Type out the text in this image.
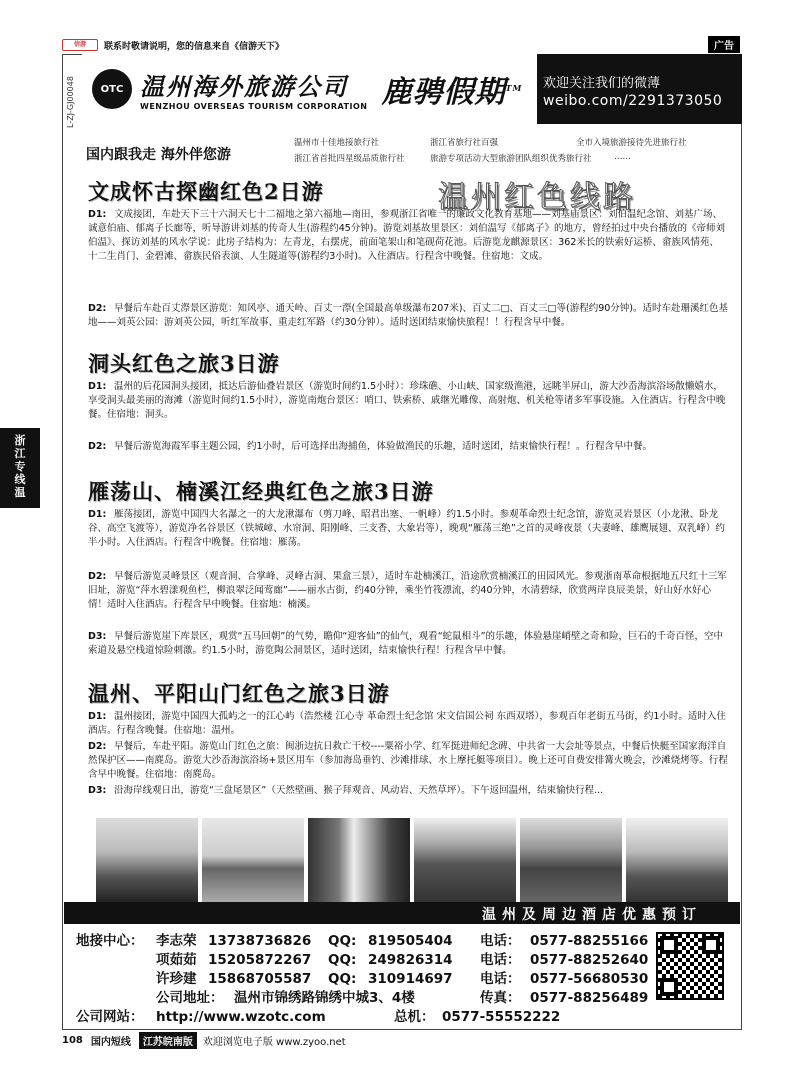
信游	联系时敬请说明，您的信息来自《信游天下》	广告
L-ZJ-GJ00048	OTC 温州海外旅游公司
WENZHOU OVERSEAS TOURISM CORPORATION 鹿骋假期™ 欢迎关注我们的微薄
weibo.com/2291373050
国内跟我走 海外伴您游
温州市十佳地接旅行社	浙江省旅行社百强	全市入境旅游接待先进旅行社
浙江省首批四星级品质旅行社	旅游专项活动大型旅游团队组织优秀旅行社	……
温州红色线路
文成怀古探幽红色2日游
D1: 文成接团，车赴天下三十六洞天七十二福地之第六福地—南田，参观浙江省唯一的廉政文化教育基地——刘基庙景区：刘伯温纪念馆、刘基广场、诚意伯庙、郁离子长廊等，听导游讲刘基的传奇人生(游程约45分钟)。游览刘基故里景区：刘伯温写《郁离子》的地方，曾经拍过中央台播放的《帝师刘伯温》、探访刘基的风水学说：此房子结构为：左青龙，右摆虎，前面笔架山和笔砚荷花池。后游览龙麒源景区：362米长的铁索好运桥、畲族风情苑、十二生肖门、金碧滩、畲族民俗表演、人生隧道等(游程约3小时)。入住酒店。行程含中晚餐。住宿地：文成。
D2: 早餐后车赴百丈漈景区游览：知风亭、通天岭、百丈一漈(全国最高单级瀑布207米)、百丈二□、百丈三□等(游程约90分钟)。适时车赴珊溪红色基地——刘英公园：游刘英公园，听红军故事、重走红军路（约30分钟）。适时送团结束愉快旅程！！行程含早中餐。
洞头红色之旅3日游
D1: 温州的后花园洞头接团，抵达后游仙叠岩景区（游览时间约1.5小时）：珍珠礁、小山峡、国家级渔港，远眺半屏山，游大沙岙海滨浴场散懒嬉水，享受洞头最美丽的海滩（游览时间约1.5小时），游览南炮台景区：哨口、铁索桥、戚继光雕像、高射炮、机关枪等诸多军事设施。入住酒店。行程含中晚餐。住宿地：洞头。
D2: 早餐后游览海霞军事主题公园，约1小时，后可选择出海捕鱼，体验做渔民的乐趣，适时送团，结束愉快行程！。行程含早中餐。
浙
江
专
线
温	雁荡山、楠溪江经典红色之旅3日游
D1: 雁荡接团，游览中国四大名瀑之一的大龙湫瀑布（剪刀峰、昭君出塞、一帆峰）约1.5小时。参观革命烈士纪念馆，游览灵岩景区（小龙湫、卧龙谷、高空飞渡等），游览净名谷景区（铁城嶂、水帘洞、阳刚峰、三支香、大象岩等），晚观“雁荡三绝”之首的灵峰夜景（夫妻峰、雄鹰展翅、双乳峰）约半小时。入住酒店。行程含中晚餐。住宿地：雁荡。
D2: 早餐后游览灵峰景区（观音洞、合掌峰、灵峰古洞、果盒三景），适时车赴楠溪江，沿途欣赏楠溪江的田园风光。参观浙南革命根据地五尺红十三军旧址，游览“萍水碧漾观鱼栏，柳浪翠泛闻莺廊”——丽水古街，约40分钟，乘坐竹筏漂流，约40分钟，水清碧绿，欣赏两岸良辰美景，好山好水好心情！适时入住酒店。行程含早中晚餐。住宿地：楠溪。
D3: 早餐后游览崖下库景区，观赏“五马回朝”的气势，瞻仰“迎客仙”的仙气，观看“蛇鼠相斗”的乐趣，体验悬崖峭壁之奇和险，巨石的千奇百怪，空中索道及悬空栈道惊险刺激。约1.5小时，游览陶公洞景区，适时送团，结束愉快行程！行程含早中餐。
温州、平阳山门红色之旅3日游
D1: 温州接团，游览中国四大孤屿之一的江心屿（浩然楼 江心寺 革命烈士纪念馆 宋文信国公祠 东西双塔），参观百年老街五马街，约1小时。适时入住酒店。行程含晚餐。住宿地：温州。
D2: 早餐后，车赴平阳。游览山门红色之旅：闽浙边抗日救亡干校----粟裕小学、红军挺进师纪念碑、中共省一大会址等景点，中餐后快艇至国家海洋自然保护区——南麂岛。游览大沙岙海滨浴场+景区用车（参加海岛垂钓、沙滩排球、水上摩托艇等项目）。晚上还可自费安排篝火晚会，沙滩烧烤等。行程含早中晚餐。住宿地：南麂岛。
D3: 沿海岸线观日出，游览“三盘尾景区”（天然壁画、猴子拜观音、风动岩、天然草坪）。下午返回温州，结束愉快行程...
温州及周边酒店优惠预订
地接中心： 李志荣 13738736826 QQ: 819505404 电话： 0577-88255166
项茹茹 15205872267 QQ: 249826314 电话： 0577-88252640
许珍建 15868705587 QQ: 310914697 电话： 0577-56680530
公司地址： 温州市锦绣路锦绣中城3、4楼	传真： 0577-88256489
公司网站： http://www.wzotc.com	总机： 0577-55552222
108 国内短线	江苏皖南版	欢迎浏览电子版 www.zyoo.net
